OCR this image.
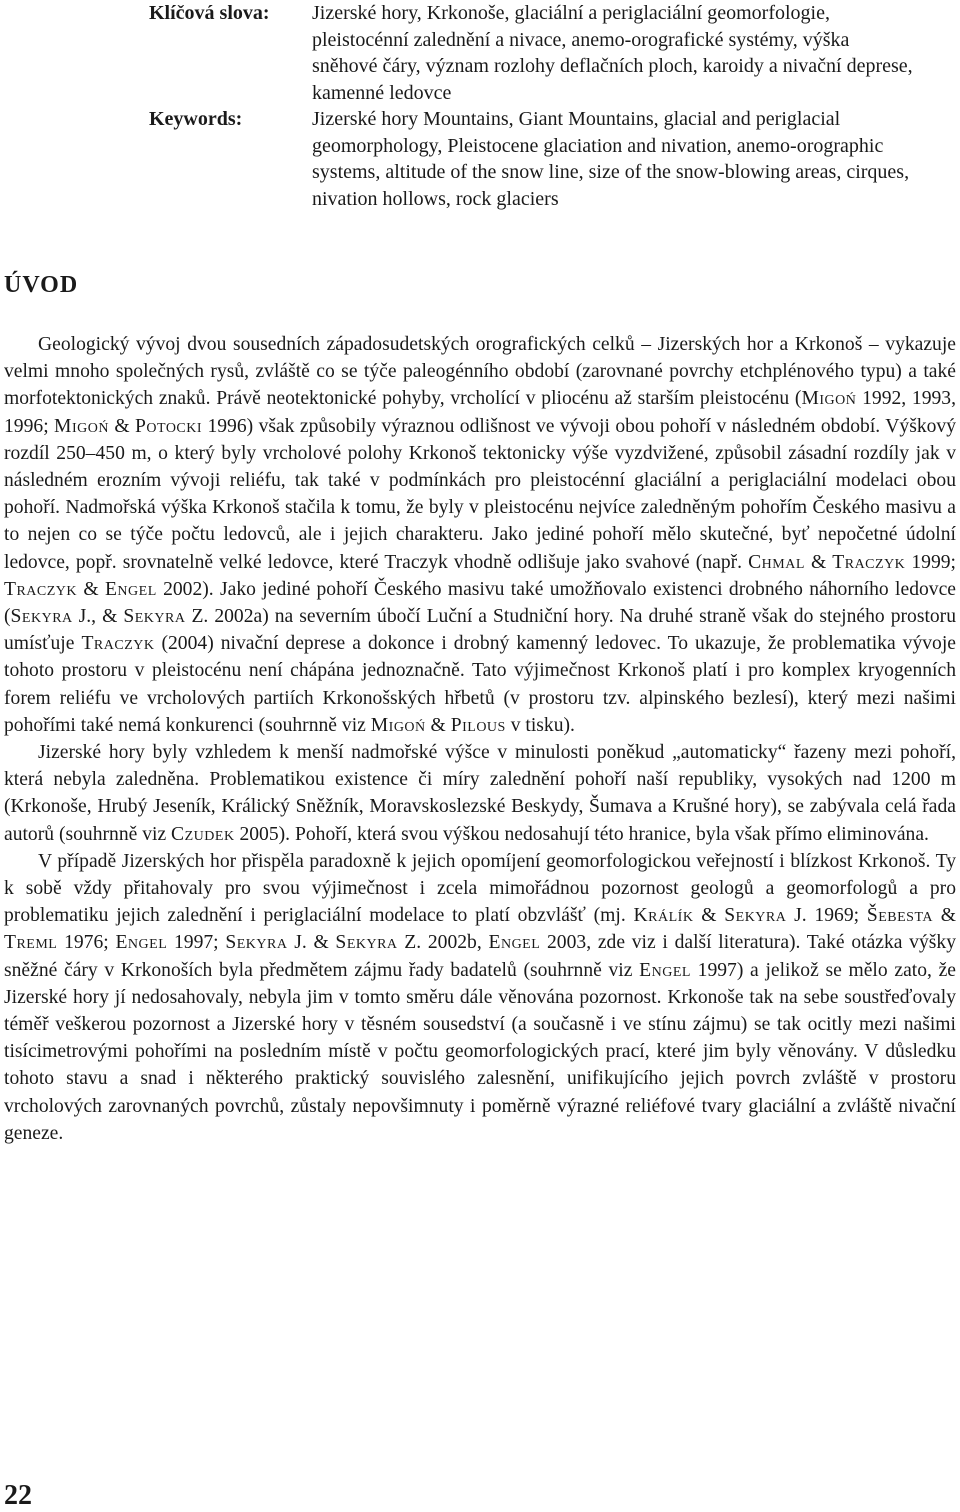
Klíčová slova:	Jizerské hory, Krkonoše, glaciální a periglaciální geomorfologie, pleistocénní zalednění a nivace, anemo-orografické systémy, výška sněhové čáry, význam rozlohy deflačních ploch, karoidy a nivační deprese, kamenné ledovce
Keywords:	Jizerské hory Mountains, Giant Mountains, glacial and periglacial geomorphology, Pleistocene glaciation and nivation, anemo-orographic systems, altitude of the snow line, size of the snow-blowing areas, cirques, nivation hollows, rock glaciers
ÚVOD

Geologický vývoj dvou sousedních západosudetských orografických celků – Jizerských hor a Krkonoš – vykazuje velmi mnoho společných rysů, zvláště co se týče paleogénního období (zarovnané povrchy etchplénového typu) a také morfotektonických znaků. Právě neotektonické pohyby, vrcholící v pliocénu až starším pleistocénu (Migoń 1992, 1993, 1996; Migoń & Potocki 1996) však způsobily výraznou odlišnost ve vývoji obou pohoří v následném období. Výškový rozdíl 250–450 m, o který byly vrcholové polohy Krkonoš tektonicky výše vyzdvižené, způsobil zásadní rozdíly jak v následném erozním vývoji reliéfu, tak také v podmínkách pro pleistocénní glaciální a periglaciální modelaci obou pohoří. Nadmořská výška Krkonoš stačila k tomu, že byly v pleistocénu nejvíce zaledněným pohořím Českého masivu a to nejen co se týče počtu ledovců, ale i jejich charakteru. Jako jediné pohoří mělo skutečné, byť nepočetné údolní ledovce, popř. srovnatelně velké ledovce, které Traczyk vhodně odlišuje jako svahové (např. Chmal & Traczyk 1999; Traczyk & Engel 2002). Jako jediné pohoří Českého masivu také umožňovalo existenci drobného náhorního ledovce (Sekyra J., & Sekyra Z. 2002a) na severním úbočí Luční a Studniční hory. Na druhé straně však do stejného prostoru umísťuje Traczyk (2004) nivační deprese a dokonce i drobný kamenný ledovec. To ukazuje, že problematika vývoje tohoto prostoru v pleistocénu není chápána jednoznačně. Tato výjimečnost Krkonoš platí i pro komplex kryogenních forem reliéfu ve vrcholových partiích Krkonošských hřbetů (v prostoru tzv. alpinského bezlesí), který mezi našimi pohořími také nemá konkurenci (souhrnně viz Migoń & Pilous v tisku).

Jizerské hory byly vzhledem k menší nadmořské výšce v minulosti poněkud „automaticky“ řazeny mezi pohoří, která nebyla zaledněna. Problematikou existence či míry zalednění pohoří naší republiky, vysokých nad 1200 m (Krkonoše, Hrubý Jeseník, Králický Sněžník, Moravskoslezské Beskydy, Šumava a Krušné hory), se zabývala celá řada autorů (souhrnně viz Czudek 2005). Pohoří, která svou výškou nedosahují této hranice, byla však přímo eliminována.

V případě Jizerských hor přispěla paradoxně k jejich opomíjení geomorfologickou veřejností i blízkost Krkonoš. Ty k sobě vždy přitahovaly pro svou výjimečnost i zcela mimořádnou pozornost geologů a geomorfologů a pro problematiku jejich zalednění i periglaciální modelace to platí obzvlášť (mj. Králík & Sekyra J. 1969; Šebesta & Treml 1976; Engel 1997; Sekyra J. & Sekyra Z. 2002b, Engel 2003, zde viz i další literatura). Také otázka výšky sněžné čáry v Krkonoších byla předmětem zájmu řady badatelů (souhrnně viz Engel 1997) a jelikož se mělo zato, že Jizerské hory jí nedosahovaly, nebyla jim v tomto směru dále věnována pozornost. Krkonoše tak na sebe soustřeďovaly téměř veškerou pozornost a Jizerské hory v těsném sousedství (a současně i ve stínu zájmu) se tak ocitly mezi našimi tisícimetrovými pohořími na posledním místě v počtu geomorfologických prací, které jim byly věnovány. V důsledku tohoto stavu a snad i některého praktický souvislého zalesnění, unifikujícího jejich povrch zvláště v prostoru vrcholových zarovnaných povrchů, zůstaly nepovšimnuty i poměrně výrazné reliéfové tvary glaciální a zvláště nivační geneze.

22
